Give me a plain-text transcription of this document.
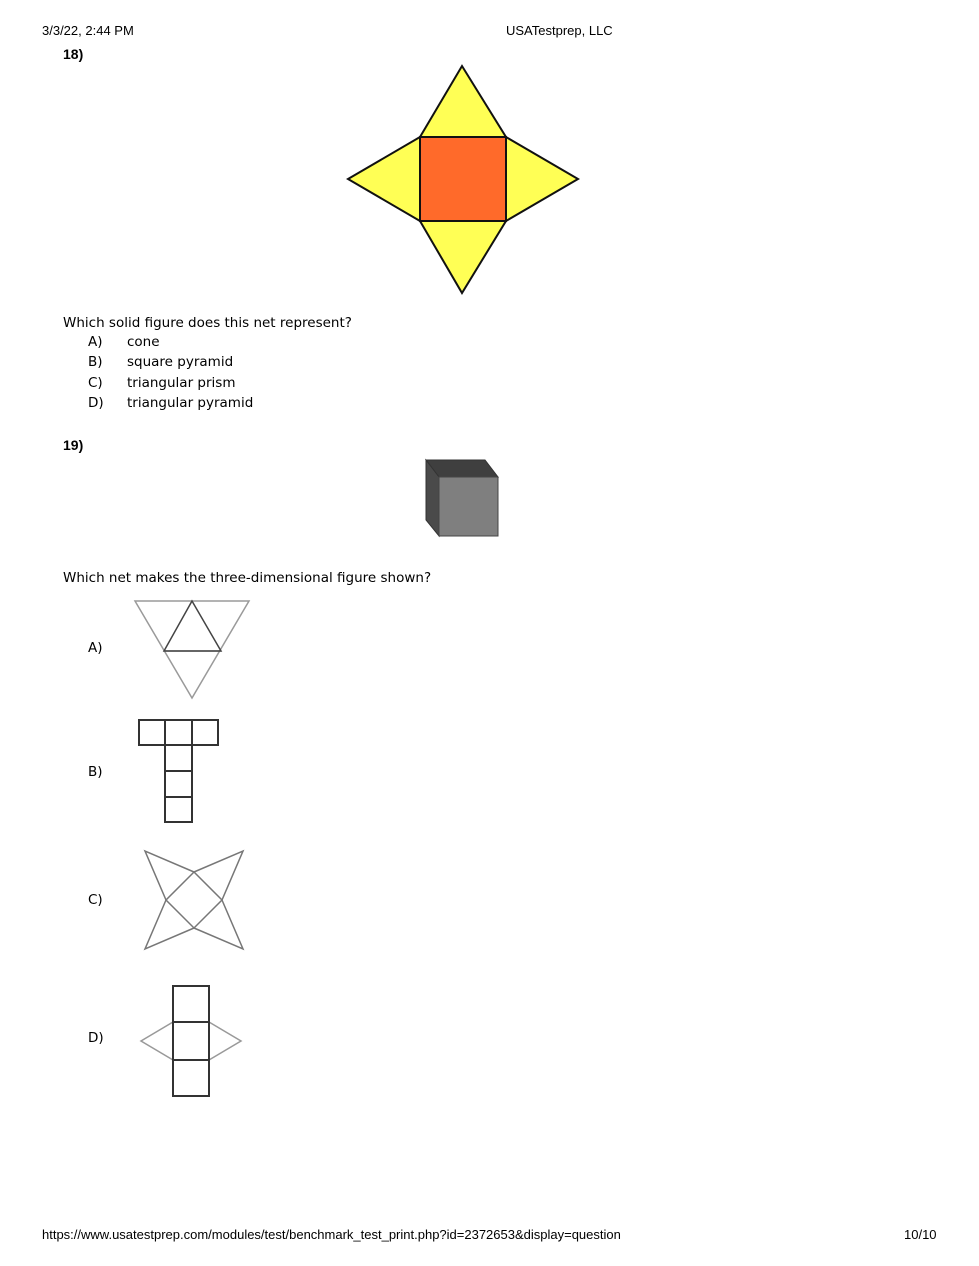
3/3/22, 2:44 PM	USATestprep, LLC
18)
Which solid figure does this net represent?
A) cone
B) square pyramid
C) triangular prism
D) triangular pyramid
19)
Which net makes the three-dimensional figure shown?
A)
B)
C)
D)
https://www.usatestprep.com/modules/test/benchmark_test_print.php?id=2372653&display=question	10/10
